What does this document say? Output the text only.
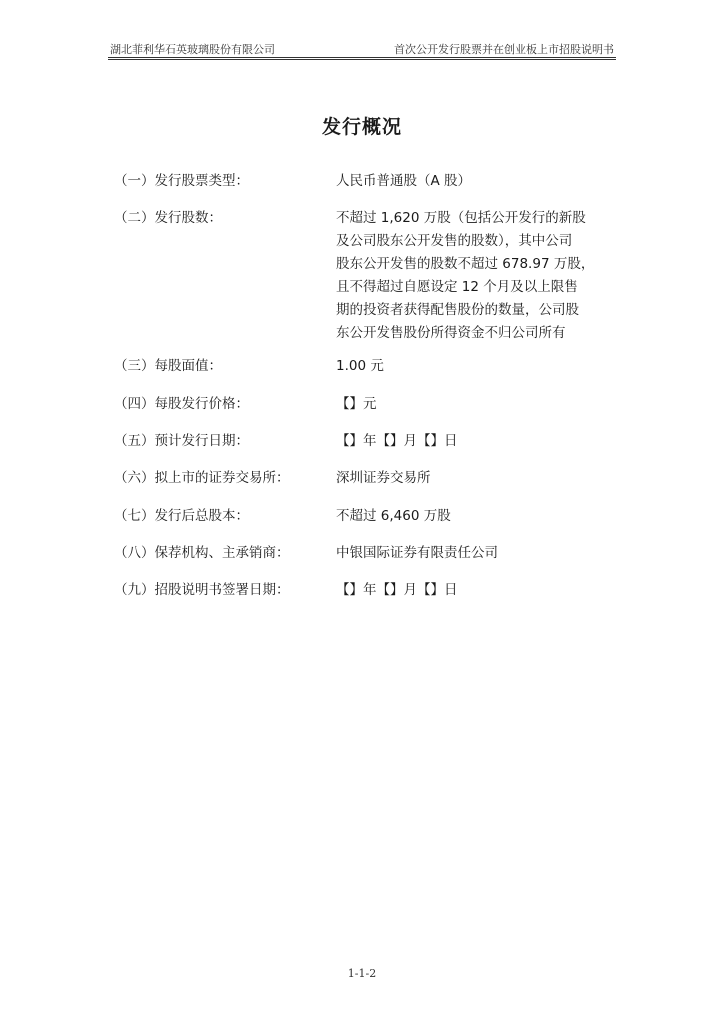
湖北菲利华石英玻璃股份有限公司	首次公开发行股票并在创业板上市招股说明书
发行概况
（一）发行股票类型：	人民币普通股（A 股）
（二）发行股数：	不超过 1,620 万股（包括公开发行的新股
及公司股东公开发售的股数），其中公司
股东公开发售的股数不超过 678.97 万股，
且不得超过自愿设定 12 个月及以上限售
期的投资者获得配售股份的数量，公司股
东公开发售股份所得资金不归公司所有
（三）每股面值：	1.00 元
（四）每股发行价格：	【】元
（五）预计发行日期：	【】年【】月【】日
（六）拟上市的证券交易所：	深圳证券交易所
（七）发行后总股本：	不超过 6,460 万股
（八）保荐机构、主承销商：	中银国际证券有限责任公司
（九）招股说明书签署日期：	【】年【】月【】日
1-1-2
